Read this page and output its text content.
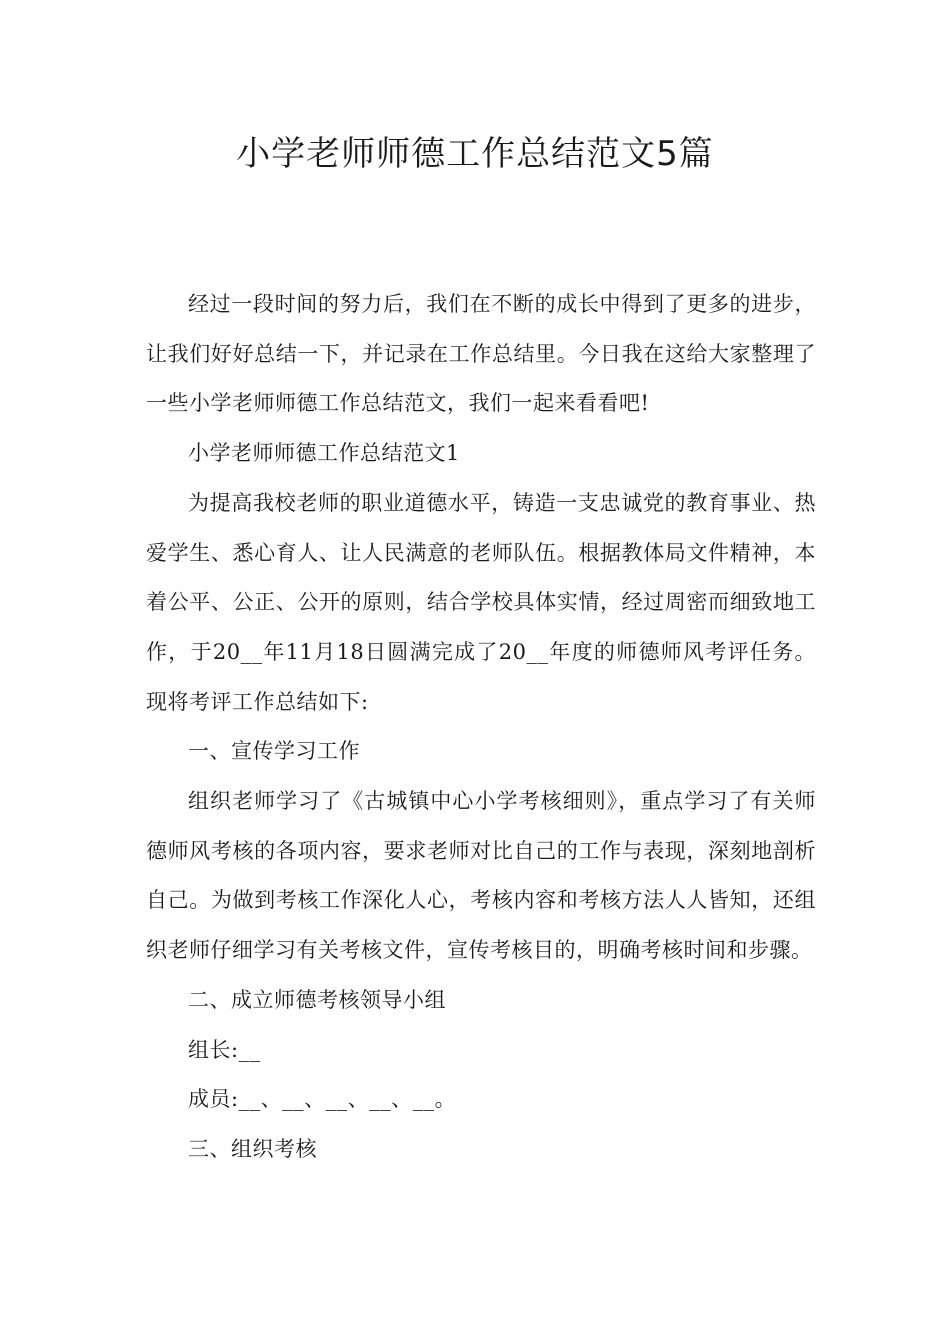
小学老师师德工作总结范文5篇

经过一段时间的努力后，我们在不断的成长中得到了更多的进步，让我们好好总结一下，并记录在工作总结里。今日我在这给大家整理了一些小学老师师德工作总结范文，我们一起来看看吧!

小学老师师德工作总结范文1

为提高我校老师的职业道德水平，铸造一支忠诚党的教育事业、热爱学生、悉心育人、让人民满意的老师队伍。根据教体局文件精神，本着公平、公正、公开的原则，结合学校具体实情，经过周密而细致地工作，于20__年11月18日圆满完成了20__年度的师德师风考评任务。现将考评工作总结如下:

一、宣传学习工作

组织老师学习了《古城镇中心小学考核细则》，重点学习了有关师德师风考核的各项内容，要求老师对比自己的工作与表现，深刻地剖析自己。为做到考核工作深化人心，考核内容和考核方法人人皆知，还组织老师仔细学习有关考核文件，宣传考核目的，明确考核时间和步骤。

二、成立师德考核领导小组

组长:__

成员:__、__、__、__、__。

三、组织考核
